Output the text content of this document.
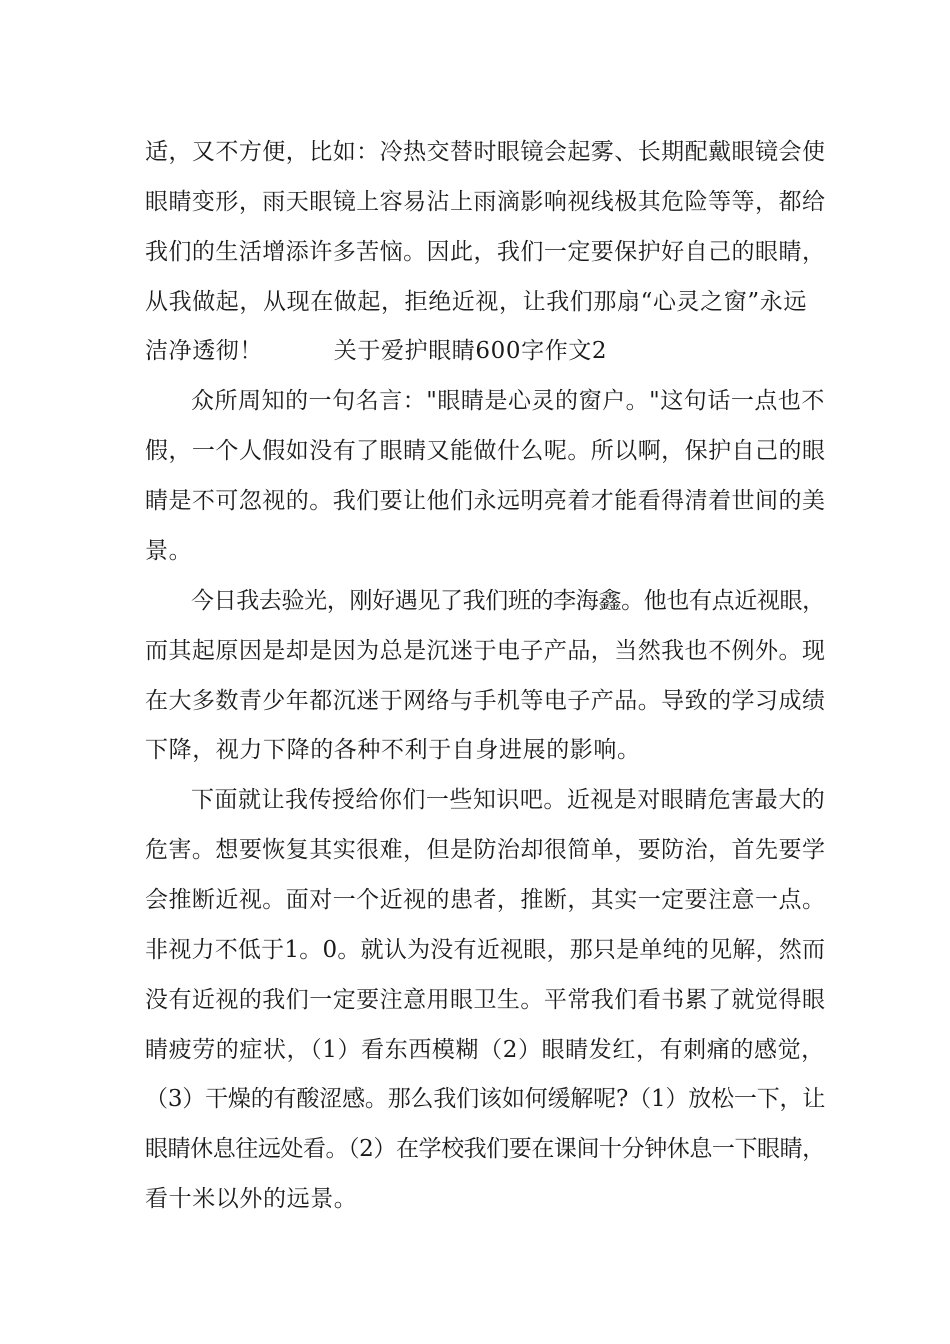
适，又不方便，比如：冷热交替时眼镜会起雾、长期配戴眼镜会使
眼睛变形，雨天眼镜上容易沾上雨滴影响视线极其危险等等，都给
我们的生活增添许多苦恼。因此，我们一定要保护好自己的眼睛，
从我做起，从现在做起，拒绝近视，让我们那扇“心灵之窗”永远
洁净透彻！　　　关于爱护眼睛600字作文2
众所周知的一句名言："眼睛是心灵的窗户。"这句话一点也不
假，一个人假如没有了眼睛又能做什么呢。所以啊，保护自己的眼
睛是不可忽视的。我们要让他们永远明亮着才能看得清着世间的美
景。
今日我去验光，刚好遇见了我们班的李海鑫。他也有点近视眼，
而其起原因是却是因为总是沉迷于电子产品，当然我也不例外。现
在大多数青少年都沉迷于网络与手机等电子产品。导致的学习成绩
下降，视力下降的各种不利于自身进展的影响。
下面就让我传授给你们一些知识吧。近视是对眼睛危害最大的
危害。想要恢复其实很难，但是防治却很简单，要防治，首先要学
会推断近视。面对一个近视的患者，推断，其实一定要注意一点。
非视力不低于1。0。就认为没有近视眼，那只是单纯的见解，然而
没有近视的我们一定要注意用眼卫生。平常我们看书累了就觉得眼
睛疲劳的症状，（1）看东西模糊（2）眼睛发红，有刺痛的感觉，
（3）干燥的有酸涩感。那么我们该如何缓解呢?（1）放松一下，让
眼睛休息往远处看。（2）在学校我们要在课间十分钟休息一下眼睛，
看十米以外的远景。
